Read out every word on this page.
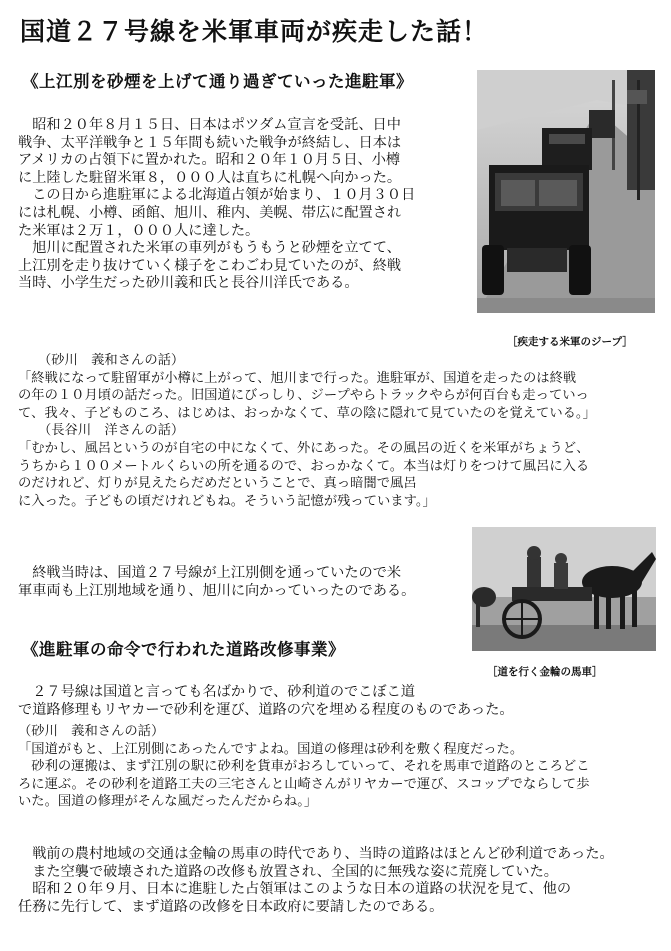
国道２７号線を米軍車両が疾走した話！
《上江別を砂煙を上げて通り過ぎていった進駐軍》
［疾走する米軍のジープ］
　昭和２０年８月１５日、日本はポツダム宣言を受託、日中
戦争、太平洋戦争と１５年間も続いた戦争が終結し、日本は
アメリカの占領下に置かれた。昭和２０年１０月５日、小樽
に上陸した駐留米軍８，０００人は直ちに札幌へ向かった。
　この日から進駐軍による北海道占領が始まり、１０月３０日
には札幌、小樽、函館、旭川、稚内、美幌、帯広に配置され
た米軍は２万１，０００人に達した。
　旭川に配置された米軍の車列がもうもうと砂煙を立てて、
上江別を走り抜けていく様子をこわごわ見ていたのが、終戦
当時、小学生だった砂川義和氏と長谷川洋氏である。
　　（砂川　義和さんの話）
「終戦になって駐留軍が小樽に上がって、旭川まで行った。進駐軍が、国道を走ったのは終戦
の年の１０月頃の話だった。旧国道にびっしり、ジープやらトラックやらが何百台も走っていっ
て、我々、子どものころ、はじめは、おっかなくて、草の陰に隠れて見ていたのを覚えている。」
　　（長谷川　洋さんの話）
「むかし、風呂というのが自宅の中になくて、外にあった。その風呂の近くを米軍がちょうど、
うちから１００メートルくらいの所を通るので、おっかなくて。本当は灯りをつけて風呂に入る
のだけれど、灯りが見えたらだめだということで、真っ暗闇で風呂
に入った。子どもの頃だけれどもね。そういう記憶が残っています。」
　終戦当時は、国道２７号線が上江別側を通っていたので米
軍車両も上江別地域を通り、旭川に向かっていったのである。
《進駐軍の命令で行われた道路改修事業》
［道を行く金輪の馬車］
　２７号線は国道と言っても名ばかりで、砂利道のでこぼこ道
で道路修理もリヤカーで砂利を運び、道路の穴を埋める程度のものであった。
（砂川　義和さんの話）
「国道がもと、上江別側にあったんですよね。国道の修理は砂利を敷く程度だった。
　砂利の運搬は、まず江別の駅に砂利を貨車がおろしていって、それを馬車で道路のところどこ
ろに運ぶ。その砂利を道路工夫の三宅さんと山崎さんがリヤカーで運び、スコップでならして歩
いた。国道の修理がそんな風だったんだからね。」
　戦前の農村地域の交通は金輪の馬車の時代であり、当時の道路はほとんど砂利道であった。
　また空襲で破壊された道路の改修も放置され、全国的に無残な姿に荒廃していた。
　昭和２０年９月、日本に進駐した占領軍はこのような日本の道路の状況を見て、他の
任務に先行して、まず道路の改修を日本政府に要請したのである。
